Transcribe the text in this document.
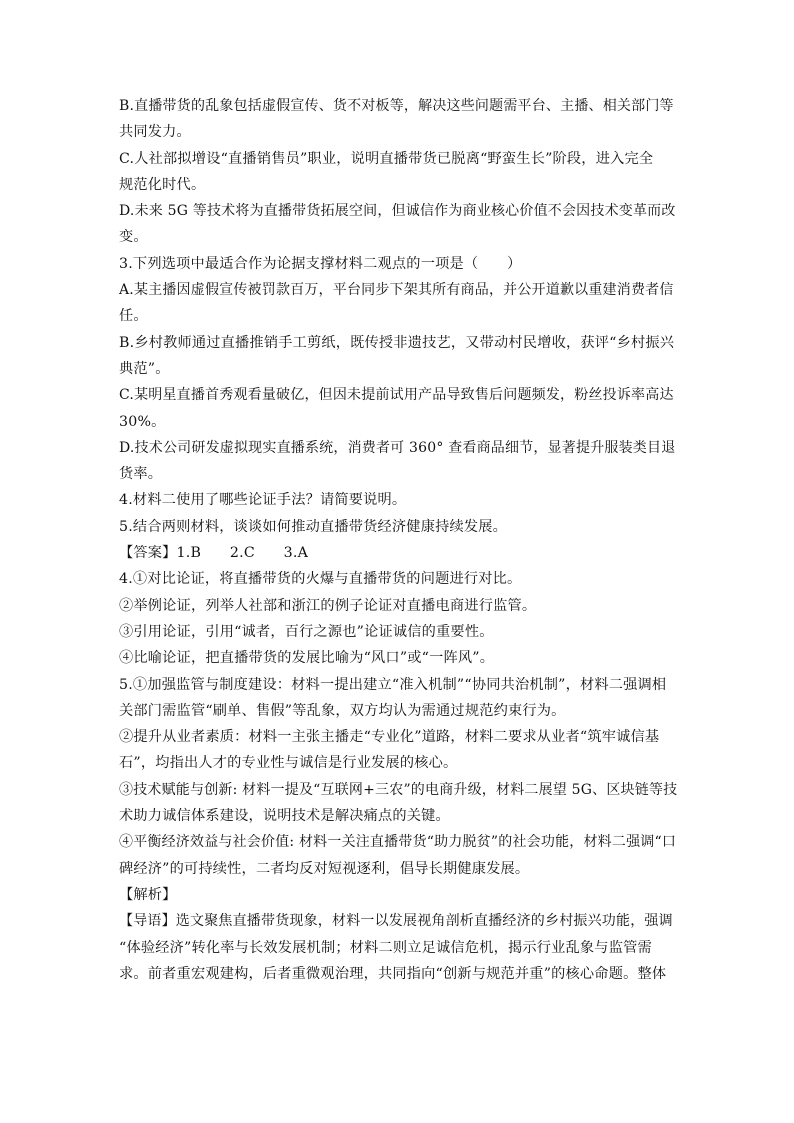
B.直播带货的乱象包括虚假宣传、货不对板等，解决这些问题需平台、主播、相关部门等
共同发力。
C.人社部拟增设“直播销售员”职业，说明直播带货已脱离“野蛮生长”阶段，进入完全
规范化时代。
D.未来 5G 等技术将为直播带货拓展空间，但诚信作为商业核心价值不会因技术变革而改
变。
3.下列选项中最适合作为论据支撑材料二观点的一项是（　　）
A.某主播因虚假宣传被罚款百万，平台同步下架其所有商品，并公开道歉以重建消费者信
任。
B.乡村教师通过直播推销手工剪纸，既传授非遗技艺，又带动村民增收，获评“乡村振兴
典范”。
C.某明星直播首秀观看量破亿，但因未提前试用产品导致售后问题频发，粉丝投诉率高达
30%。
D.技术公司研发虚拟现实直播系统，消费者可 360° 查看商品细节，显著提升服装类目退
货率。
4.材料二使用了哪些论证手法？请简要说明。
5.结合两则材料，谈谈如何推动直播带货经济健康持续发展。
【答案】1.B　　2.C　　3.A
4.①对比论证，将直播带货的火爆与直播带货的问题进行对比。
②举例论证，列举人社部和浙江的例子论证对直播电商进行监管。
③引用论证，引用“诚者，百行之源也”论证诚信的重要性。
④比喻论证，把直播带货的发展比喻为“风口”或“一阵风”。
5.①加强监管与制度建设：材料一提出建立“准入机制”“协同共治机制”，材料二强调相
关部门需监管“刷单、售假”等乱象，双方均认为需通过规范约束行为。
②提升从业者素质：材料一主张主播走“专业化”道路，材料二要求从业者“筑牢诚信基
石”，均指出人才的专业性与诚信是行业发展的核心。
③技术赋能与创新: 材料一提及“互联网+三农”的电商升级，材料二展望 5G、区块链等技
术助力诚信体系建设，说明技术是解决痛点的关键。
④平衡经济效益与社会价值: 材料一关注直播带货“助力脱贫”的社会功能，材料二强调“口
碑经济”的可持续性，二者均反对短视逐利，倡导长期健康发展。
【解析】
【导语】选文聚焦直播带货现象，材料一以发展视角剖析直播经济的乡村振兴功能，强调
“体验经济”转化率与长效发展机制；材料二则立足诚信危机，揭示行业乱象与监管需
求。前者重宏观建构，后者重微观治理，共同指向“创新与规范并重”的核心命题。整体
